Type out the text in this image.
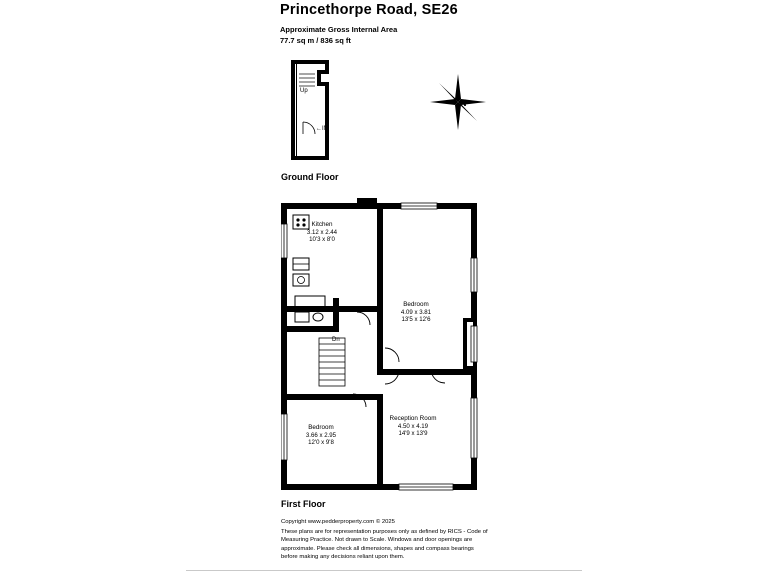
Princethorpe Road, SE26
Approximate Gross Internal Area
77.7 sq m / 836 sq ft
N
Up
←IN
Ground Floor
Kitchen
3.12 x 2.44
10'3 x 8'0
Bedroom
4.09 x 3.81
13'5 x 12'6
Bedroom
3.66 x 2.95
12'0 x 9'8
Reception Room
4.50 x 4.19
14'9 x 13'9
Dn
First Floor
Copyright www.pedderproperty.com © 2025
These plans are for representation purposes only as defined by RICS - Code of Measuring Practice. Not drawn to Scale. Windows and door openings are approximate. Please check all dimensions, shapes and compass bearings before making any decisions reliant upon them.
